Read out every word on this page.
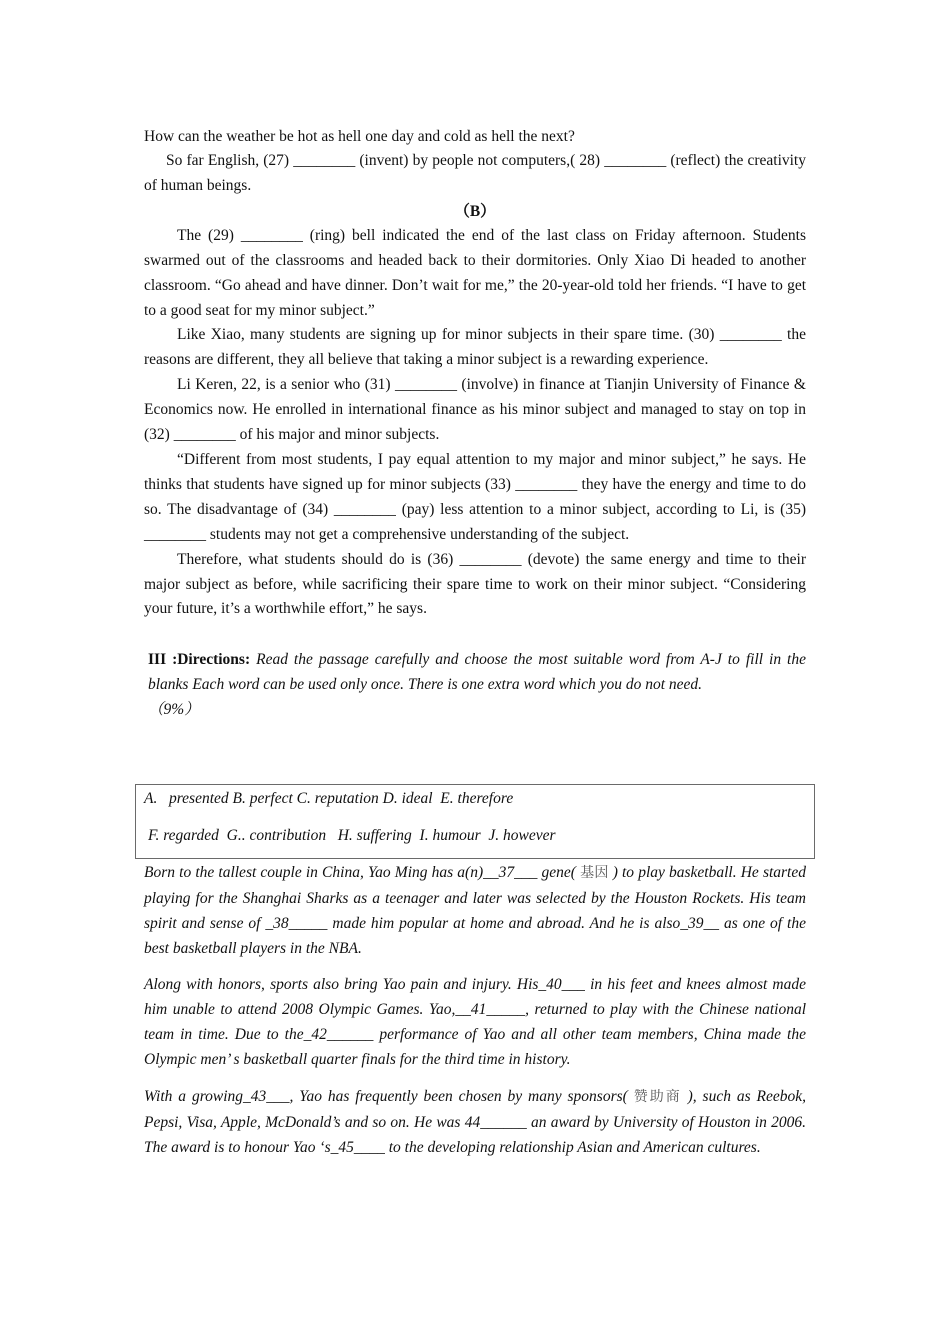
How can the weather be hot as hell one day and cold as hell the next?

So far English, (27) ________ (invent) by people not computers,( 28) ________ (reflect) the creativity of human beings.

（B）

The (29) ________ (ring) bell indicated the end of the last class on Friday afternoon. Students swarmed out of the classrooms and headed back to their dormitories. Only Xiao Di headed to another classroom. “Go ahead and have dinner. Don’t wait for me,” the 20-year-old told her friends. “I have to get to a good seat for my minor subject.”

Like Xiao, many students are signing up for minor subjects in their spare time. (30) ________ the reasons are different, they all believe that taking a minor subject is a rewarding experience.

Li Keren, 22, is a senior who (31) ________ (involve) in finance at Tianjin University of Finance & Economics now. He enrolled in international finance as his minor subject and managed to stay on top in (32) ________ of his major and minor subjects.

“Different from most students, I pay equal attention to my major and minor subject,” he says. He thinks that students have signed up for minor subjects (33) ________ they have the energy and time to do so. The disadvantage of (34) ________ (pay) less attention to a minor subject, according to Li, is (35) ________ students may not get a comprehensive understanding of the subject.

Therefore, what students should do is (36) ________ (devote) the same energy and time to their major subject as before, while sacrificing their spare time to work on their minor subject. “Considering your future, it’s a worthwhile effort,” he says.

III :Directions: Read the passage carefully and choose the most suitable word from A-J to fill in the blanks Each word can be used only once. There is one extra word which you do not need.
（9%）
A.   presented B. perfect C. reputation D. ideal  E. therefore
F. regarded  G.. contribution   H. suffering  I. humour  J. however
Born to the tallest couple in China, Yao Ming has a(n)__37___ gene( 基因 ) to play basketball. He started playing for the Shanghai Sharks as a teenager and later was selected by the Houston Rockets. His team spirit and sense of _38_____ made him popular at home and abroad. And he is also_39__ as one of the best basketball players in the NBA.
Along with honors, sports also bring Yao pain and injury. His_40___ in his feet and knees almost made him unable to attend 2008 Olympic Games. Yao,__41_____, returned to play with the Chinese national team in time. Due to the_42______ performance of Yao and all other team members, China made the Olympic men’ s basketball quarter finals for the third time in history.
With a growing_43___, Yao has frequently been chosen by many sponsors( 赞助商 ), such as Reebok, Pepsi, Visa, Apple, McDonald’s and so on. He was 44______ an award by University of Houston in 2006. The award is to honour Yao ‘s_45____ to the developing relationship Asian and American cultures.
